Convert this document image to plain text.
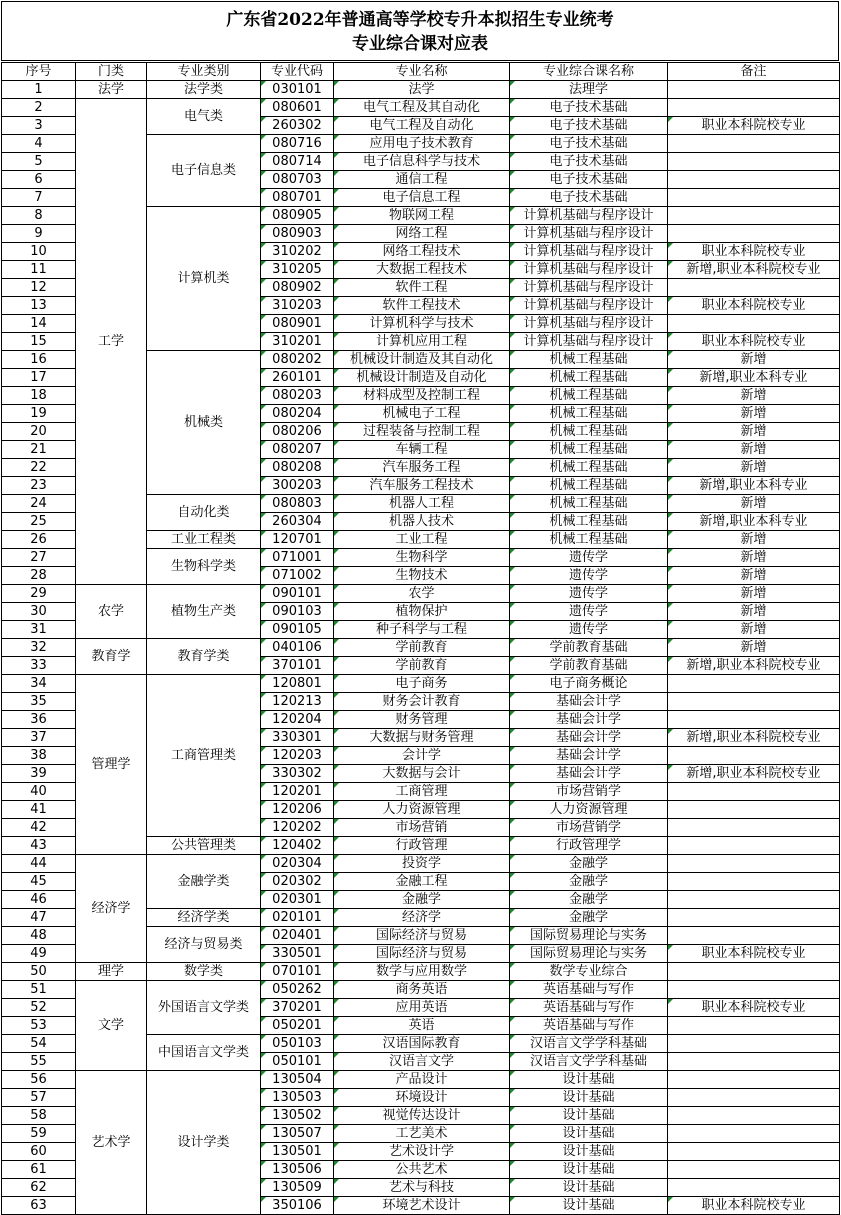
广东省2022年普通高等学校专升本拟招生专业统考
专业综合课对应表
序号	门类	专业类别	专业代码	专业名称	专业综合课名称	备注
1	法学	法学类	030101	法学	法理学	
2	工学	电气类	080601	电气工程及其自动化	电子技术基础	
3			260302	电气工程及自动化	电子技术基础	职业本科院校专业
4		电子信息类	080716	应用电子技术教育	电子技术基础	
5			080714	电子信息科学与技术	电子技术基础	
6			080703	通信工程	电子技术基础	
7			080701	电子信息工程	电子技术基础	
8		计算机类	080905	物联网工程	计算机基础与程序设计	
9			080903	网络工程	计算机基础与程序设计	
10			310202	网络工程技术	计算机基础与程序设计	职业本科院校专业
11			310205	大数据工程技术	计算机基础与程序设计	新增,职业本科院校专业
12			080902	软件工程	计算机基础与程序设计	
13			310203	软件工程技术	计算机基础与程序设计	职业本科院校专业
14			080901	计算机科学与技术	计算机基础与程序设计	
15			310201	计算机应用工程	计算机基础与程序设计	职业本科院校专业
16		机械类	080202	机械设计制造及其自动化	机械工程基础	新增
17			260101	机械设计制造及自动化	机械工程基础	新增,职业本科专业
18			080203	材料成型及控制工程	机械工程基础	新增
19			080204	机械电子工程	机械工程基础	新增
20			080206	过程装备与控制工程	机械工程基础	新增
21			080207	车辆工程	机械工程基础	新增
22			080208	汽车服务工程	机械工程基础	新增
23			300203	汽车服务工程技术	机械工程基础	新增,职业本科专业
24		自动化类	080803	机器人工程	机械工程基础	新增
25			260304	机器人技术	机械工程基础	新增,职业本科专业
26		工业工程类	120701	工业工程	机械工程基础	新增
27		生物科学类	071001	生物科学	遗传学	新增
28			071002	生物技术	遗传学	新增
29	农学	植物生产类	090101	农学	遗传学	新增
30			090103	植物保护	遗传学	新增
31			090105	种子科学与工程	遗传学	新增
32	教育学	教育学类	040106	学前教育	学前教育基础	新增
33			370101	学前教育	学前教育基础	新增,职业本科院校专业
34	管理学	工商管理类	120801	电子商务	电子商务概论	
35			120213	财务会计教育	基础会计学	
36			120204	财务管理	基础会计学	
37			330301	大数据与财务管理	基础会计学	新增,职业本科院校专业
38			120203	会计学	基础会计学	
39			330302	大数据与会计	基础会计学	新增,职业本科院校专业
40			120201	工商管理	市场营销学	
41			120206	人力资源管理	人力资源管理	
42			120202	市场营销	市场营销学	
43		公共管理类	120402	行政管理	行政管理学	
44	经济学	金融学类	020304	投资学	金融学	
45			020302	金融工程	金融学	
46			020301	金融学	金融学	
47		经济学类	020101	经济学	金融学	
48		经济与贸易类	020401	国际经济与贸易	国际贸易理论与实务	
49			330501	国际经济与贸易	国际贸易理论与实务	职业本科院校专业
50	理学	数学类	070101	数学与应用数学	数学专业综合	
51	文学	外国语言文学类	050262	商务英语	英语基础与写作	
52			370201	应用英语	英语基础与写作	职业本科院校专业
53			050201	英语	英语基础与写作	
54		中国语言文学类	050103	汉语国际教育	汉语言文学学科基础	
55			050101	汉语言文学	汉语言文学学科基础	
56	艺术学	设计学类	130504	产品设计	设计基础	
57			130503	环境设计	设计基础	
58			130502	视觉传达设计	设计基础	
59			130507	工艺美术	设计基础	
60			130501	艺术设计学	设计基础	
61			130506	公共艺术	设计基础	
62			130509	艺术与科技	设计基础	
63			350106	环境艺术设计	设计基础	职业本科院校专业
